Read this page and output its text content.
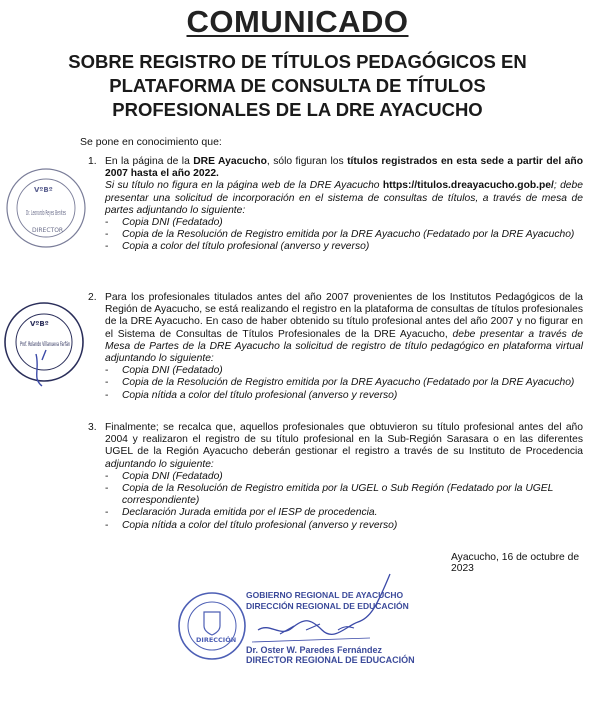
COMUNICADO
SOBRE REGISTRO DE TÍTULOS PEDAGÓGICOS EN
PLATAFORMA DE CONSULTA DE TÍTULOS
PROFESIONALES DE LA DRE AYACUCHO
Se pone en conocimiento que:
1. En la página de la DRE Ayacucho, sólo figuran los títulos registrados en esta sede a partir del año 2007 hasta el año 2022.

Si su título no figura en la página web de la DRE Ayacucho https://titulos.dreayacucho.gob.pe/; debe presentar una solicitud de incorporación en el sistema de consultas de títulos, a través de mesa de partes adjuntando lo siguiente:

- Copia DNI (Fedatado)
- Copia de la Resolución de Registro emitida por la DRE Ayacucho (Fedatado por la DRE Ayacucho)
- Copia a color del título profesional (anverso y reverso)
2. Para los profesionales titulados antes del año 2007 provenientes de los Institutos Pedagógicos de la Región de Ayacucho, se está realizando el registro en la plataforma de consultas de títulos profesionales de la DRE Ayacucho. En caso de haber obtenido su título profesional antes del año 2007 y no figurar en el Sistema de Consultas de Títulos Profesionales de la DRE Ayacucho, debe presentar a través de Mesa de Partes de la DRE Ayacucho la solicitud de registro de título pedagógico en plataforma virtual adjuntando lo siguiente:

- Copia DNI (Fedatado)
- Copia de la Resolución de Registro emitida por la DRE Ayacucho (Fedatado por la DRE Ayacucho)
- Copia nítida a color del título profesional (anverso y reverso)
3. Finalmente; se recalca que, aquellos profesionales que obtuvieron su título profesional antes del año 2004 y realizaron el registro de su título profesional en la Sub-Región Sarasara o en las diferentes UGEL de la Región Ayacucho deberán gestionar el registro a través de su Instituto de Procedencia adjuntando lo siguiente:

- Copia DNI (Fedatado)
- Copia de la Resolución de Registro emitida por la UGEL o Sub Región (Fedatado por la UGEL correspondiente)
- Declaración Jurada emitida por el IESP de procedencia.
- Copia nítida a color del título profesional (anverso y reverso)
Ayacucho, 16 de octubre de 2023
VºBº
Dr. Leonardo Reyes Benites
DIRECTOR
VºBº
Prof. Rolando Villanueva Farfán
DIRECCIÓN
GOBIERNO REGIONAL DE AYACUCHO
DIRECCIÓN REGIONAL DE EDUCACIÓN
Dr. Oster W. Paredes Fernández
DIRECTOR REGIONAL DE EDUCACIÓN
